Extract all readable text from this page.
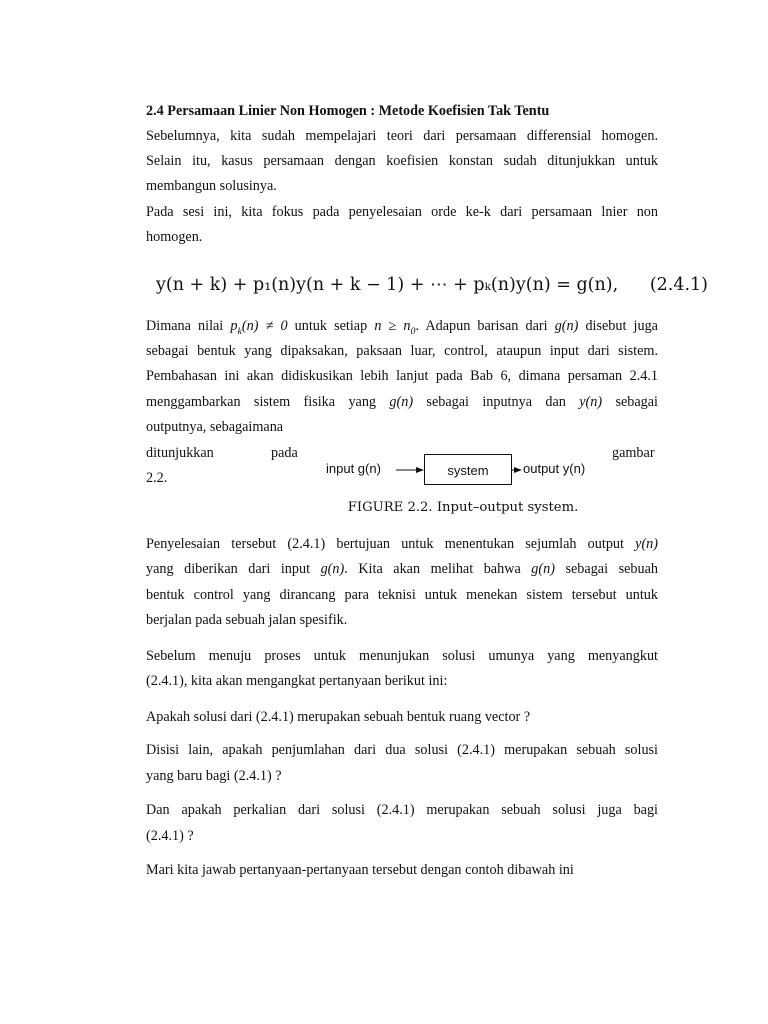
2.4 Persamaan Linier Non Homogen : Metode Koefisien Tak Tentu
Sebelumnya, kita sudah mempelajari teori dari persamaan differensial homogen.
Selain itu, kasus persamaan dengan koefisien konstan sudah ditunjukkan untuk
membangun solusinya.
Pada sesi ini, kita fokus pada penyelesaian orde ke-k dari persamaan lnier non
homogen.
y(n + k) + p₁(n)y(n + k − 1) + ⋯ + pₖ(n)y(n) = g(n), (2.4.1)
Dimana nilai $p_k(n) \ne 0$ untuk setiap $n \ge n_0$. Adapun barisan dari g(n) disebut juga
sebagai bentuk yang dipaksakan, paksaan luar, control, ataupun input dari sistem.
Pembahasan ini akan didiskusikan lebih lanjut pada Bab 6, dimana persaman 2.4.1
menggambarkan sistem fisika yang g(n) sebagai inputnya dan y(n) sebagai
outputnya, sebagaimana
ditunjukkan	pada	gambar
2.2.
input g(n)	system	output y(n)
FIGURE 2.2. Input–output system.
Penyelesaian tersebut (2.4.1) bertujuan untuk menentukan sejumlah output y(n)
yang diberikan dari input g(n). Kita akan melihat bahwa g(n) sebagai sebuah
bentuk control yang dirancang para teknisi untuk menekan sistem tersebut untuk
berjalan pada sebuah jalan spesifik.
Sebelum menuju proses untuk menunjukan solusi umunya yang menyangkut
(2.4.1), kita akan mengangkat pertanyaan berikut ini:
Apakah solusi dari (2.4.1) merupakan sebuah bentuk ruang vector ?
Disisi lain, apakah penjumlahan dari dua solusi (2.4.1) merupakan sebuah solusi
yang baru bagi (2.4.1) ?
Dan apakah perkalian dari solusi (2.4.1) merupakan sebuah solusi juga bagi
(2.4.1) ?
Mari kita jawab pertanyaan-pertanyaan tersebut dengan contoh dibawah ini
